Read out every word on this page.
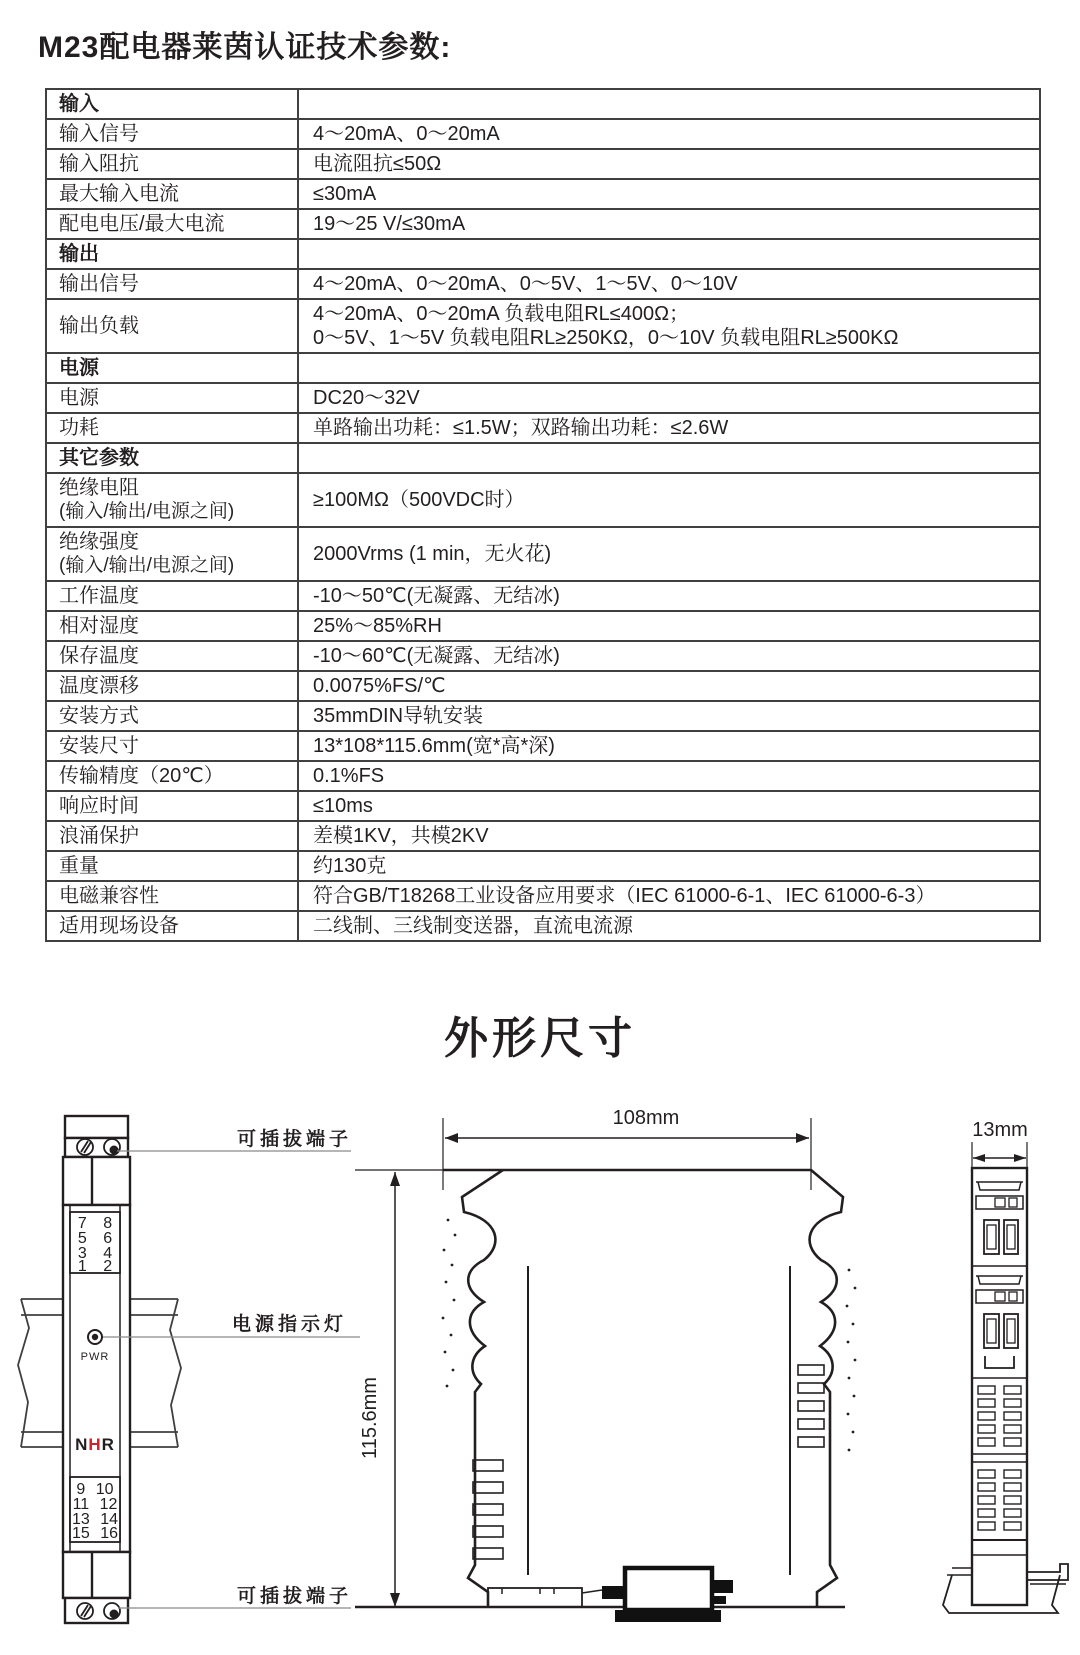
M23配电器莱茵认证技术参数:
输入	

输入信号	4～20mA、0～20mA

输入阻抗	电流阻抗≤50Ω

最大输入电流	≤30mA

配电电压/最大电流	19～25 V/≤30mA

输出	

输出信号	4～20mA、0～20mA、0～5V、1～5V、0～10V

输出负载	4～20mA、0～20mA 负载电阻RL≤400Ω；
0～5V、1～5V 负载电阻RL≥250KΩ，0～10V 负载电阻RL≥500KΩ

电源	

电源	DC20～32V

功耗	单路输出功耗：≤1.5W；双路输出功耗：≤2.6W

其它参数	

绝缘电阻
(输入/输出/电源之间)	≥100MΩ（500VDC时）

绝缘强度
(输入/输出/电源之间)	2000Vrms (1 min，无火花)

工作温度	-10～50℃(无凝露、无结冰)

相对湿度	25%～85%RH

保存温度	-10～60℃(无凝露、无结冰)

温度漂移	0.0075%FS/℃

安装方式	35mmDIN导轨安装

安装尺寸	13*108*115.6mm(宽*高*深)

传输精度（20℃）	0.1%FS

响应时间	≤10ms

浪涌保护	差模1KV，共模2KV

重量	约130克

电磁兼容性	符合GB/T18268工业设备应用要求（IEC 61000-6-1、IEC 61000-6-3）

适用现场设备	二线制、三线制变送器，直流电流源
外形尺寸
7 8
5 6
3 4
1 2
PWR
NHR
9 10
11 12
13 14
15 16
可插拔端子
电源指示灯
可插拔端子
108mm
115.6mm
13mm
